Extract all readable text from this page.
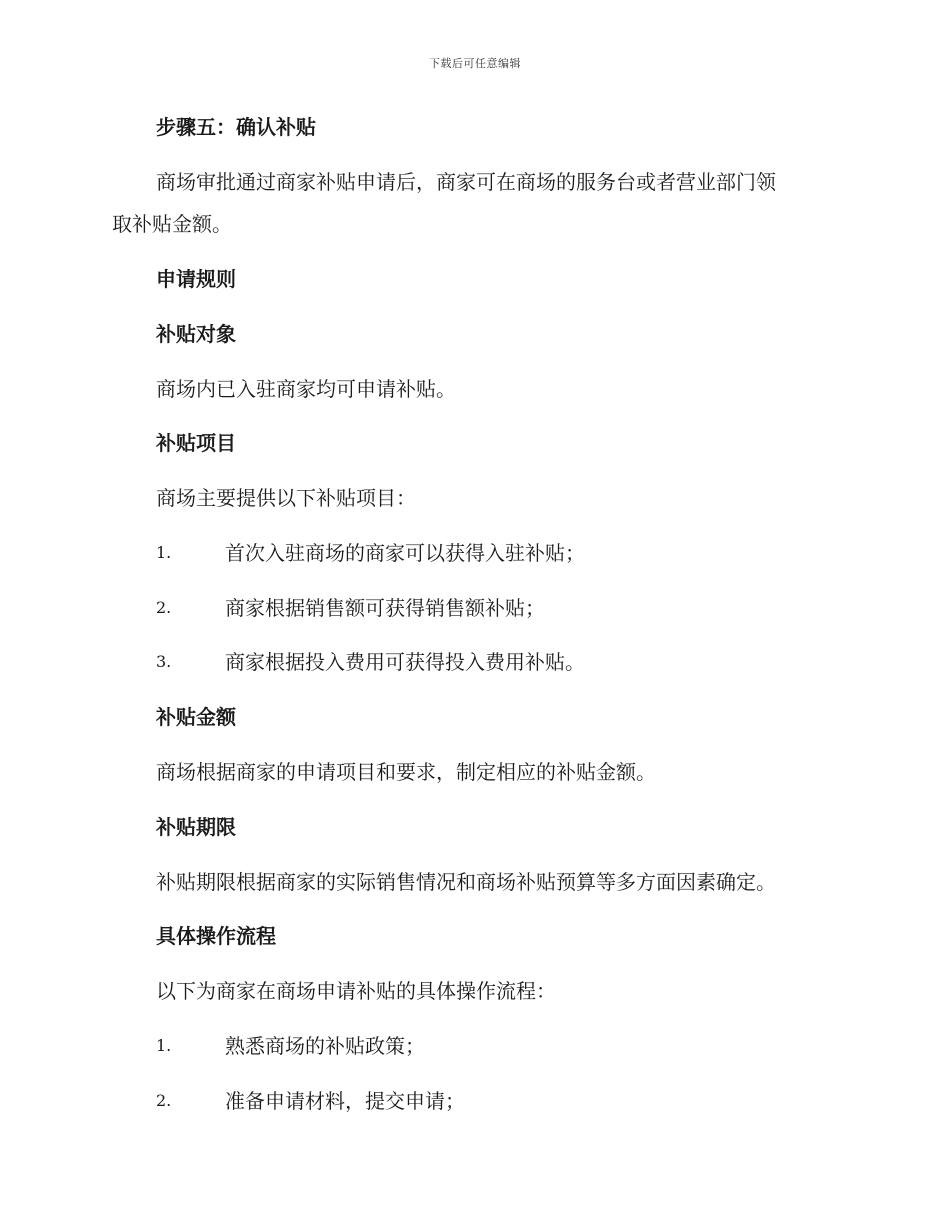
下载后可任意编辑
步骤五：确认补贴
商场审批通过商家补贴申请后，商家可在商场的服务台或者营业部门领
取补贴金额。
申请规则
补贴对象
商场内已入驻商家均可申请补贴。
补贴项目
商场主要提供以下补贴项目：
1.	首次入驻商场的商家可以获得入驻补贴；
2.	商家根据销售额可获得销售额补贴；
3.	商家根据投入费用可获得投入费用补贴。
补贴金额
商场根据商家的申请项目和要求，制定相应的补贴金额。
补贴期限
补贴期限根据商家的实际销售情况和商场补贴预算等多方面因素确定。
具体操作流程
以下为商家在商场申请补贴的具体操作流程：
1.	熟悉商场的补贴政策；
2.	准备申请材料，提交申请；
